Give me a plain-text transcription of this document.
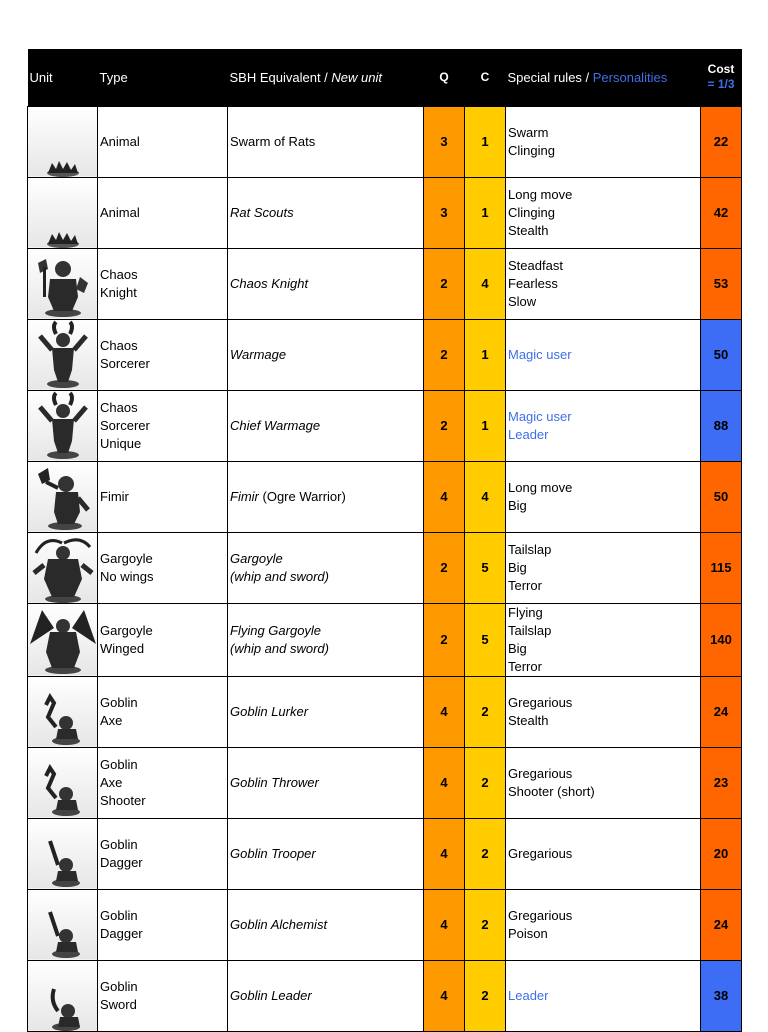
Unit	Type	SBH Equivalent / New unit	Q	C	Special rules / Personalities	Cost
= 1/3

Animal	Swarm of Rats	3	1	Swarm
Clinging	22

Animal	Rat Scouts	3	1	Long move
Clinging
Stealth	42

Chaos
Knight	Chaos Knight	2	4	Steadfast
Fearless
Slow	53

Chaos
Sorcerer	Warmage	2	1	Magic user	50

Chaos
Sorcerer
Unique	Chief Warmage	2	1	Magic user
Leader	88

Fimir	Fimir (Ogre Warrior)	4	4	Long move
Big	50

Gargoyle
No wings	Gargoyle
(whip and sword)	2	5	Tailslap
Big
Terror	115

Gargoyle
Winged	Flying Gargoyle
(whip and sword)	2	5	Flying
Tailslap
Big
Terror	140

Goblin
Axe	Goblin Lurker	4	2	Gregarious
Stealth	24

Goblin
Axe
Shooter	Goblin Thrower	4	2	Gregarious
Shooter (short)	23

Goblin
Dagger	Goblin Trooper	4	2	Gregarious	20

Goblin
Dagger	Goblin Alchemist	4	2	Gregarious
Poison	24

Goblin
Sword	Goblin Leader	4	2	Leader	38
